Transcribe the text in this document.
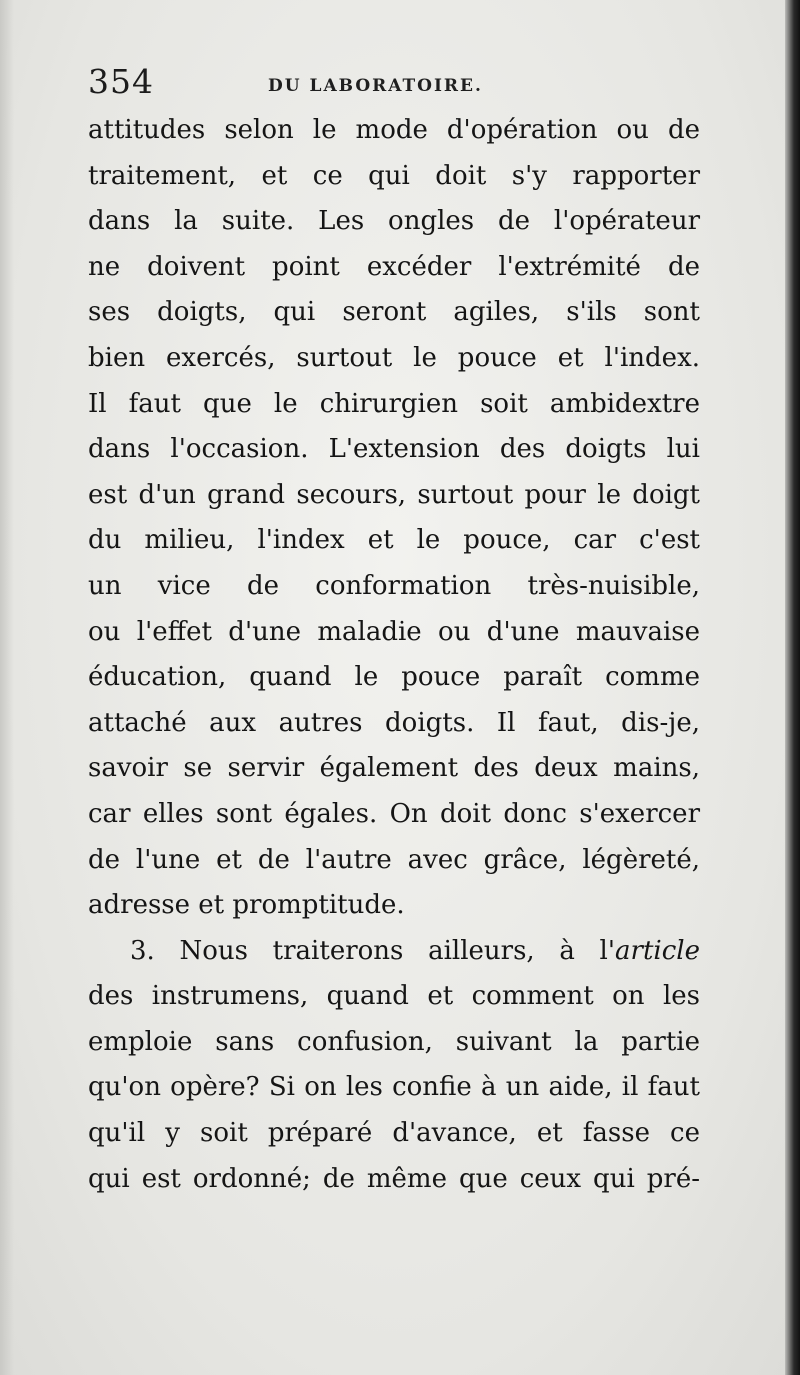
354	DU LABORATOIRE.
attitudes selon le mode d'opération ou de
traitement, et ce qui doit s'y rapporter
dans la suite. Les ongles de l'opérateur
ne doivent point excéder l'extrémité de
ses doigts, qui seront agiles, s'ils sont
bien exercés, surtout le pouce et l'index.
Il faut que le chirurgien soit ambidextre
dans l'occasion. L'extension des doigts lui
est d'un grand secours, surtout pour le doigt
du milieu, l'index et le pouce, car c'est
un vice de conformation très-nuisible,
ou l'effet d'une maladie ou d'une mauvaise
éducation, quand le pouce paraît comme
attaché aux autres doigts. Il faut, dis-je,
savoir se servir également des deux mains,
car elles sont égales. On doit donc s'exercer
de l'une et de l'autre avec grâce, légèreté,
adresse et promptitude.
3. Nous traiterons ailleurs, à l'article
des instrumens, quand et comment on les
emploie sans confusion, suivant la partie
qu'on opère? Si on les confie à un aide, il faut
qu'il y soit préparé d'avance, et fasse ce
qui est ordonné; de même que ceux qui pré-
